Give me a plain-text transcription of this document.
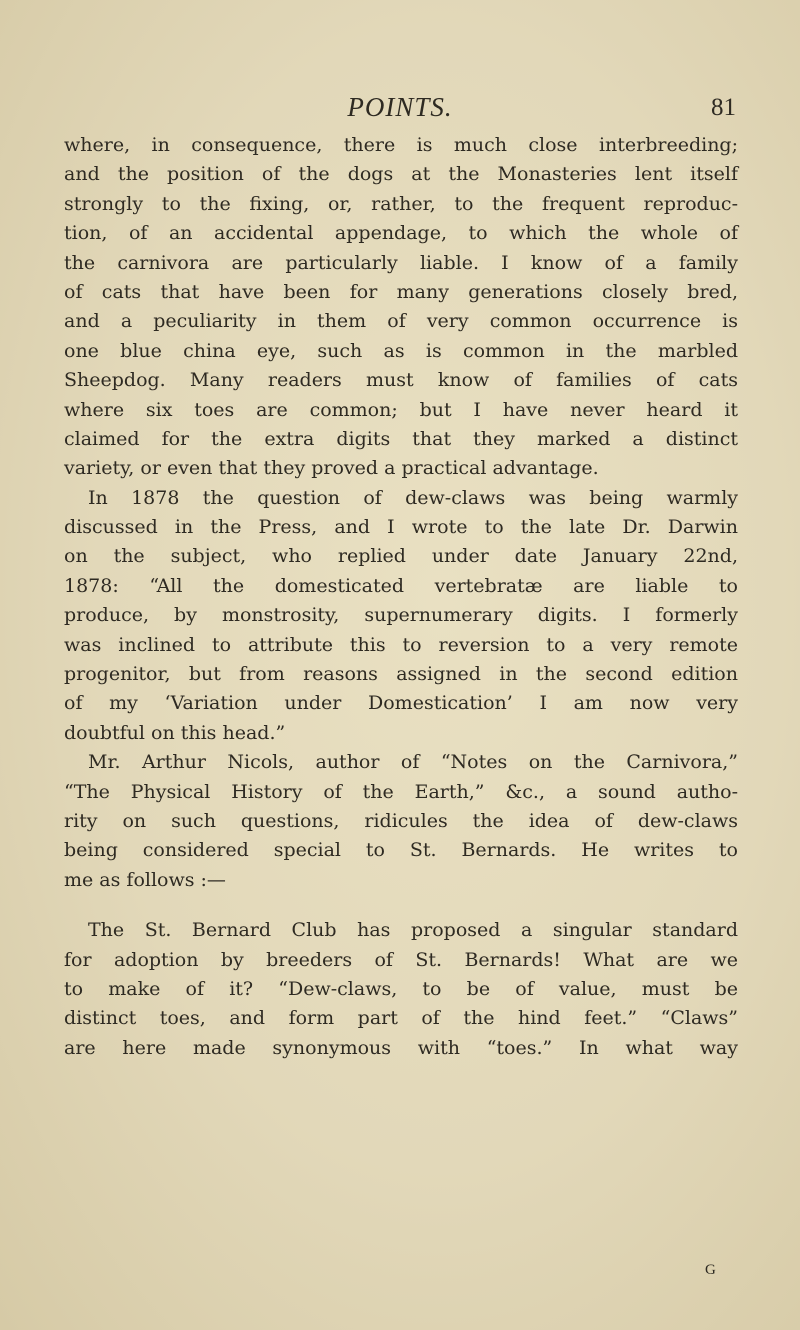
POINTS.	81
where, in consequence, there is much close interbreeding;
and the position of the dogs at the Monasteries lent itself
strongly to the fixing, or, rather, to the frequent reproduc-
tion, of an accidental appendage, to which the whole of
the carnivora are particularly liable. I know of a family
of cats that have been for many generations closely bred,
and a peculiarity in them of very common occurrence is
one blue china eye, such as is common in the marbled
Sheepdog. Many readers must know of families of cats
where six toes are common; but I have never heard it
claimed for the extra digits that they marked a distinct
variety, or even that they proved a practical advantage.
In 1878 the question of dew-claws was being warmly
discussed in the Press, and I wrote to the late Dr. Darwin
on the subject, who replied under date January 22nd,
1878: “All the domesticated vertebratæ are liable to
produce, by monstrosity, supernumerary digits. I formerly
was inclined to attribute this to reversion to a very remote
progenitor, but from reasons assigned in the second edition
of my ‘Variation under Domestication’ I am now very
doubtful on this head.”
Mr. Arthur Nicols, author of “Notes on the Carnivora,”
“The Physical History of the Earth,” &c., a sound autho-
rity on such questions, ridicules the idea of dew-claws
being considered special to St. Bernards. He writes to
me as follows :—
The St. Bernard Club has proposed a singular standard
for adoption by breeders of St. Bernards! What are we
to make of it? “Dew-claws, to be of value, must be
distinct toes, and form part of the hind feet.” “Claws”
are here made synonymous with “toes.” In what way
G
